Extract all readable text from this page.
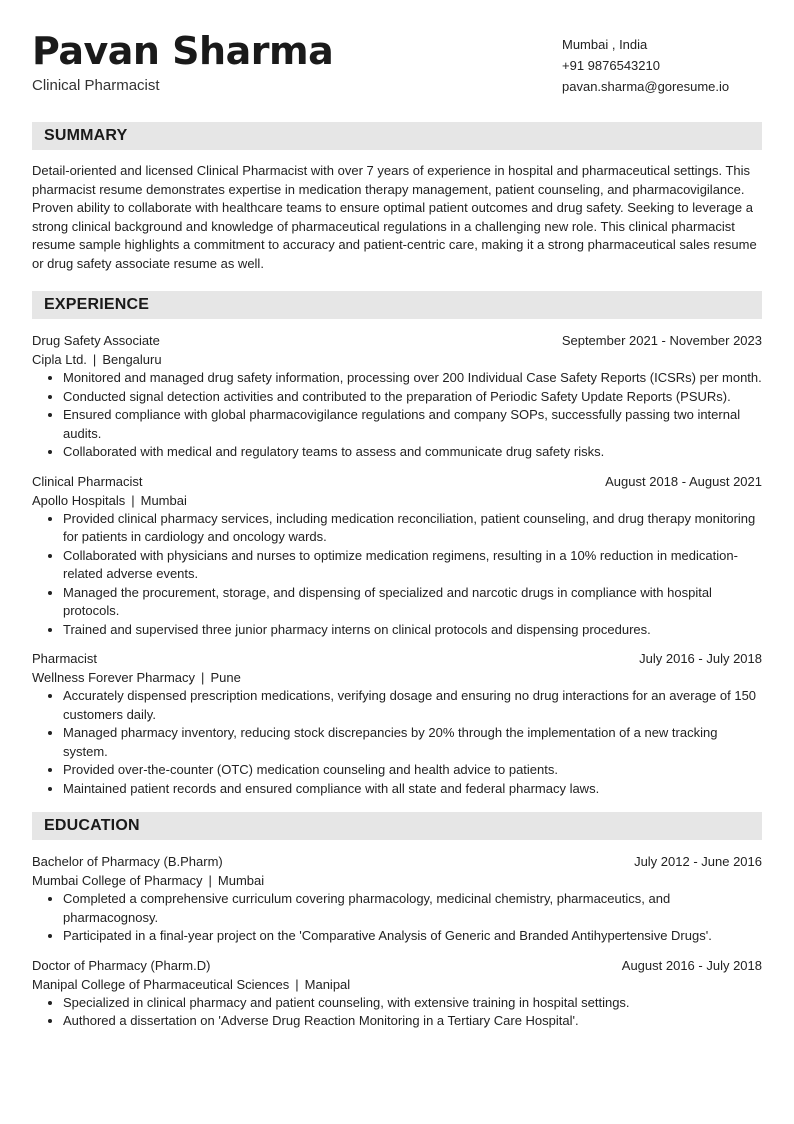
Pavan Sharma
Clinical Pharmacist
Mumbai , India
+91 9876543210
pavan.sharma@goresume.io
SUMMARY

Detail-oriented and licensed Clinical Pharmacist with over 7 years of experience in hospital and pharmaceutical settings. This pharmacist resume demonstrates expertise in medication therapy management, patient counseling, and pharmacovigilance. Proven ability to collaborate with healthcare teams to ensure optimal patient outcomes and drug safety. Seeking to leverage a strong clinical background and knowledge of pharmaceutical regulations in a challenging new role. This clinical pharmacist resume sample highlights a commitment to accuracy and patient-centric care, making it a strong pharmaceutical sales resume or drug safety associate resume as well.

EXPERIENCE
Drug Safety Associate	September 2021 - November 2023
Cipla Ltd. | Bengaluru
• Monitored and managed drug safety information, processing over 200 Individual Case Safety Reports (ICSRs) per month.
• Conducted signal detection activities and contributed to the preparation of Periodic Safety Update Reports (PSURs).
• Ensured compliance with global pharmacovigilance regulations and company SOPs, successfully passing two internal audits.
• Collaborated with medical and regulatory teams to assess and communicate drug safety risks.
Clinical Pharmacist	August 2018 - August 2021
Apollo Hospitals | Mumbai
• Provided clinical pharmacy services, including medication reconciliation, patient counseling, and drug therapy monitoring for patients in cardiology and oncology wards.
• Collaborated with physicians and nurses to optimize medication regimens, resulting in a 10% reduction in medication-related adverse events.
• Managed the procurement, storage, and dispensing of specialized and narcotic drugs in compliance with hospital protocols.
• Trained and supervised three junior pharmacy interns on clinical protocols and dispensing procedures.
Pharmacist	July 2016 - July 2018
Wellness Forever Pharmacy | Pune
• Accurately dispensed prescription medications, verifying dosage and ensuring no drug interactions for an average of 150 customers daily.
• Managed pharmacy inventory, reducing stock discrepancies by 20% through the implementation of a new tracking system.
• Provided over-the-counter (OTC) medication counseling and health advice to patients.
• Maintained patient records and ensured compliance with all state and federal pharmacy laws.
EDUCATION
Bachelor of Pharmacy (B.Pharm)	July 2012 - June 2016
Mumbai College of Pharmacy | Mumbai
• Completed a comprehensive curriculum covering pharmacology, medicinal chemistry, pharmaceutics, and pharmacognosy.
• Participated in a final-year project on the 'Comparative Analysis of Generic and Branded Antihypertensive Drugs'.
Doctor of Pharmacy (Pharm.D)	August 2016 - July 2018
Manipal College of Pharmaceutical Sciences | Manipal
• Specialized in clinical pharmacy and patient counseling, with extensive training in hospital settings.
• Authored a dissertation on 'Adverse Drug Reaction Monitoring in a Tertiary Care Hospital'.
